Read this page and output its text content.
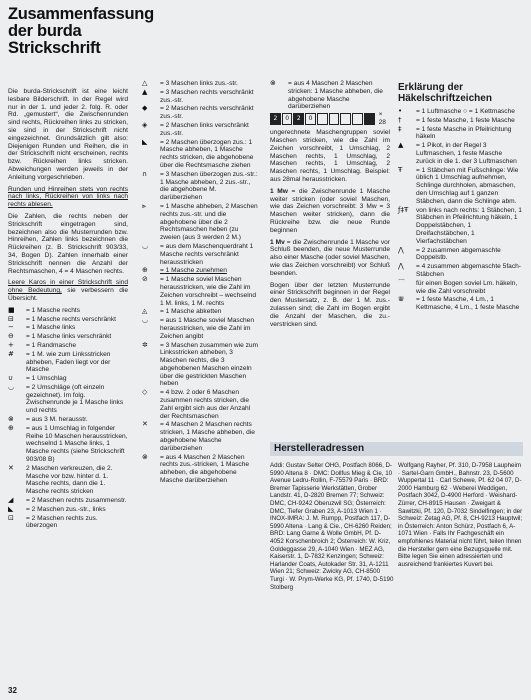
Zusammenfassung
der burda Strickschrift

Die burda-Strickschrift ist eine leicht lesbare Bilderschrift. In der Regel wird nur in der 1. und jeder 2. folg. R. oder Rd. „gemustert“, die Zwischenrunden sind rechts, Rückreihen links zu stricken, sie sind in der Strickschrift nicht eingezeichnet. Grundsätzlich gilt also: Diejenigen Runden und Reihen, die in der Strickschrift nicht erscheinen, rechts bzw. Rückreihen links stricken. Abweichungen werden jeweils in der Anleitung vorgeschrieben.

Runden und Hinreihen stets von rechts nach links, Rückreihen von links nach rechts ablesen.

Die Zahlen, die rechts neben der Strickschrift eingetragen sind, bezeichnen also die Musterrunden bzw. Hinreihen, Zahlen links bezeichnen die Rückreihen (z. B. Strickschrift 903/33, 34, Bogen D). Zahlen innerhalb einer Strickschrift nennen die Anzahl der Rechtsmaschen, 4 = 4 Maschen rechts.

Leere Karos in einer Strickschrift sind ohne Bedeutung, sie verbessern die Übersicht.

■	= 1 Masche rechts
⊟	= 1 Masche rechts verschränkt
−	= 1 Masche links
⊖	= 1 Masche links verschränkt
+	= 1 Randmasche
#	= 1 M. wie zum Linksstricken abheben, Faden liegt vor der Masche
∪	= 1 Umschlag
◡	= 2 Umschläge (oft einzeln gezeichnet). Im folg. Zwischenrunde je 1 Masche links und rechts
⊗	= aus 3 M. herausstr.
⊕	= aus 1 Umschlag in folgender Reihe 10 Maschen herausstricken, wechselnd 1 Masche links, 1 Masche rechts (siehe Strickschrift 903/08 B)
✕	2 Maschen verkreuzen, die 2. Masche vor bzw. hinter d. 1. Masche rechts, dann die 1. Masche rechts stricken
◢	= 2 Maschen rechts zusammenstr.
◣	= 2 Maschen zus.-str., links
⊡	= 2 Maschen rechts zus. überzogen
△	= 3 Maschen links zus.-str.
▲	= 3 Maschen rechts verschränkt zus.-str.
◆	= 2 Maschen rechts verschränkt zus.-str.
◈	= 2 Maschen links verschränkt zus.-str.
◣	= 2 Maschen überzogen zus.: 1 Masche abheben, 1 Masche rechts stricken, die abgehobene über die Rechtsmasche ziehen
∩	= 3 Maschen überzogen zus.-str.: 1 Masche abheben, 2 zus.-str., die abgehobene M. darüberziehen
⫸	= 1 Masche abheben, 2 Maschen rechts zus.-str. und die abgehobene über die 2 Rechtsmaschen heben (zu zweien (aus 3 werden 2 M.)
◡	= aus dem Maschenquerdraht 1 Masche rechts verschränkt herausstricken
⊕	= 1 Masche zunehmen
⊘	= 1 Masche soviel Maschen herausstricken, wie die Zahl im Zeichen vorschreibt – wechselnd 1 M. links, 1 M. rechts
◬	= 1 Masche abketten
◡	= aus 1 Masche soviel Maschen herausstricken, wie die Zahl im Zeichen angibt
✲	= 3 Maschen zusammen wie zum Linksstricken abheben, 3 Maschen rechts, die 3 abgehobenen Maschen einzeln über die gestrickten Maschen heben
◇	= 4 bzw. 2 oder 6 Maschen zusammen rechts stricken, die Zahl ergibt sich aus der Anzahl der Rechtsmaschen
✕	= 4 Maschen 2 Maschen rechts stricken, 1 Masche abheben, die abgehobene Masche darüberziehen
⊗	= aus 4 Maschen 2 Maschen rechts zus.-stricken, 1 Masche abheben, die abgehobene Masche darüberziehen
⊗	= aus 4 Maschen 2 Maschen stricken: 1 Masche abheben, die abgehobene Masche darüberziehen
2	0	2	0
× 28

ungerechnete Maschengruppen soviel Maschen stricken, wie die Zahl im Zeichen vorschreibt, 1 Umschlag, 2 Maschen rechts, 1 Umschlag, 2 Maschen rechts, 1 Umschlag, 2 Maschen rechts, 1 Umschlag. Beispiel: aus 28mal herausstricken.

1 Mw = die Zwischenrunde 1 Masche weiter stricken (oder soviel Maschen, wie das Zeichen vorschreibt: 3 Mw = 3 Maschen weiter stricken), dann die Rückreihe bzw. die neue Runde beginnen

1 Mv = die Zwischenrunde 1 Masche vor Schluß beenden, die neue Musterrunde also einer Masche (oder soviel Maschen, wie das Zeichen vorschreibt) vor Schluß beenden.

Bogen über der letzten Musterrunde einer Strickschrift beginnen in der Regel den Mustersatz, z. B. der 1 M. zus.-zulassen sind; die Zahl im Bogen ergibt die Anzahl der Maschen, die zu.-verstricken sind.

Erklärung der
Häkelschriftzeichen
•	= 1 Luftmasche ○ = 1 Kettmasche
†	= 1 feste Masche, 1 feste Masche
‡	= 1 feste Masche in Pfeilrichtung häkeln
▲	= 1 Pikot, in der Regel 3 Luftmaschen, 1 feste Masche zurück in die 1. der 3 Luftmaschen
Ŧ	= 1 Stäbchen mit Fußschlinge: Wie üblich 1 Umschlag aufnehmen, Schlinge durchholen, abmaschen, den Umschlag auf 1 ganzen Stäbchen, dann die Schlinge abm.
ƒ‡Ŧ	von links nach rechts: 1 Stäbchen, 1 Stäbchen in Pfeilrichtung häkeln, 1 Doppelstäbchen, 1 Dreifachstäbchen, 1 Vierfachstäbchen
⋀	= 2 zusammen abgemaschte Doppelstb.
⋀	= 4 zusammen abgemaschte 5fach-Stäbchen
⌒	für einen Bogen soviel Lm. häkeln, wie die Zahl vorschreibt
⋓	= 1 feste Masche, 4 Lm., 1 Kettmasche, 4 Lm., 1 feste Masche
Herstelleradressen
Addi: Gustav Selter OHG, Postfach 8066, D-5990 Altena 8 · DMC: Dollfus Mieg & Cie, 10 Avenue Ledru-Rollin, F-75579 Paris · BRD: Bremer Tapisserie Werkstätten, Grober Landstr. 41, D-2820 Bremen 77; Schweiz: DMC, CH-9242 Oberuzwil SG; Österreich: DMC, Tiefer Graben 23, A-1013 Wien 1 · INOX-IMRA: J. M. Rumpp, Postfach 117, D-5990 Altena · Lang & Cie., CH-6260 Reiden; BRD: Lang Garne & Wolle GmbH, Pf. D-4052 Korschenbroich 2; Österreich: W. Kriz, Goldeggasse 29, A-1040 Wien · MEZ AG, Kaiserstr. 1, D-7832 Kenzingen; Schweiz: Harlander Coats, Autokader Str. 31, A-1211 Wien 21; Schweiz: Zwicky AG, CH-8500 Turgi · W. Prym-Werke KG, Pf. 1740, D-5190 Stolberg
Wolfgang Rayher, Pf. 310, D-7958 Laupheim · Sartel-Garn GmbH., Bahnstr. 23, D-5600 Wuppertal 11 · Carl Schewe, Pf. 62 04 07, D-2000 Hamburg 62 · Weberei Weddigen, Postfach 3042, D-4900 Herford · Weishard-Zürrer, CH-8915 Hausen · Zweigart & Sawitzki, Pf. 120, D-7032 Sindelfingen; in der Schweiz: Zetag AG, Pf. 8, CH-9213 Hauptwil; in Österreich: Anton Schürz, Postfach 6, A-1071 Wien · Falls Ihr Fachgeschäft ein empfohlenes Material nicht führt, teilen Ihnen die Hersteller gern eine Bezugsquelle mit. Bitte legen Sie einen adressierten und ausreichend frankiertes Kuvert bei.
32
